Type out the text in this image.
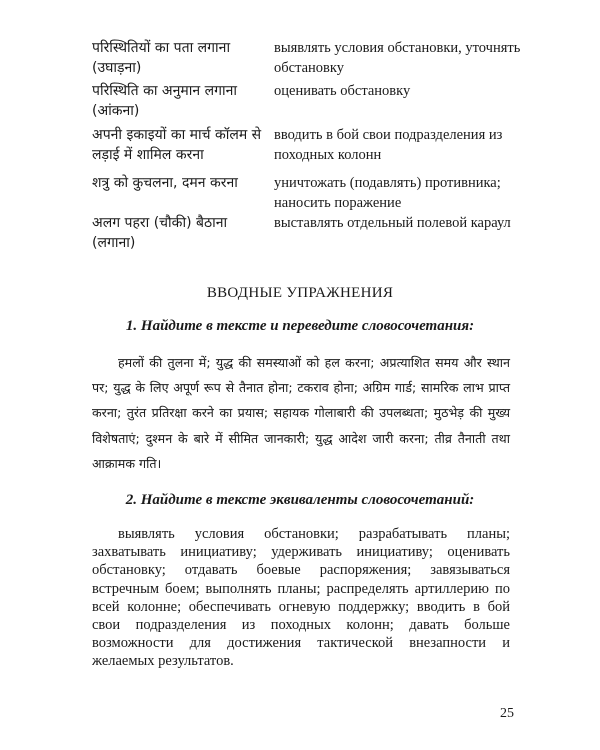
परिस्थितियों का पता लगाना (उघाड़ना)
выявлять условия обстановки, уточнять обстановку
परिस्थिति का अनुमान लगाना (आंकना)
оценивать обстановку
अपनी इकाइयों का मार्च कॉलम से लड़ाई में शामिल करना
вводить в бой свои подразделения из походных колонн
शत्रु को कुचलना, दमन करना	уничтожать (подавлять) противника; наносить поражение
अलग पहरा (चौकी) बैठाना (लगाना)
выставлять отдельный полевой караул
ВВОДНЫЕ УПРАЖНЕНИЯ
1. Найдите в тексте и переведите словосочетания:
हमलों की तुलना में; युद्ध की समस्याओं को हल करना; अप्रत्याशित समय और स्थान पर; युद्ध के लिए अपूर्ण रूप से तैनात होना; टकराव होना; अग्रिम गार्ड; सामरिक लाभ प्राप्त करना; तुरंत प्रतिरक्षा करने का प्रयास; सहायक गोलाबारी की उपलब्धता; मुठभेड़ की मुख्य विशेषताएं; दुश्मन के बारे में सीमित जानकारी; युद्ध आदेश जारी करना; तीव्र तैनाती तथा आक्रामक गति।
2. Найдите в тексте эквиваленты словосочетаний:
выявлять условия обстановки; разрабатывать планы; захватывать инициативу; удерживать инициативу; оценивать обстановку; отдавать боевые распоряжения; завязываться встречным боем; выполнять планы; распределять артиллерию по всей колонне; обеспечивать огневую поддержку; вводить в бой свои подразделения из походных колонн; давать больше возможности для достижения тактической внезапности и желаемых результатов.
25
